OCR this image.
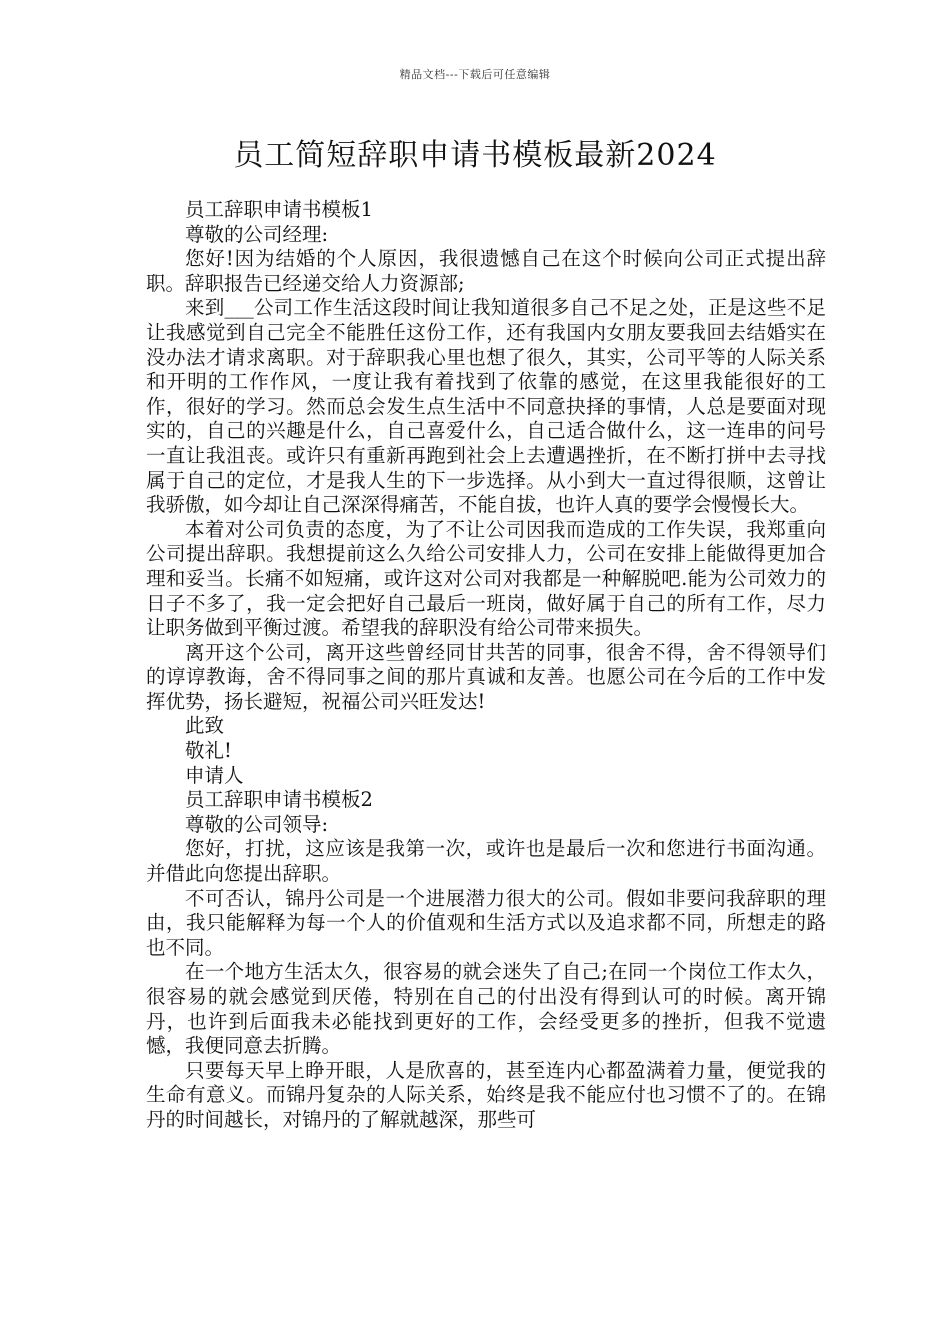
精品文档---下载后可任意编辑
员工简短辞职申请书模板最新2024

员工辞职申请书模板1

尊敬的公司经理:

您好!因为结婚的个人原因，我很遗憾自己在这个时候向公司正式提出辞职。辞职报告已经递交给人力资源部;

来到___公司工作生活这段时间让我知道很多自己不足之处，正是这些不足让我感觉到自己完全不能胜任这份工作，还有我国内女朋友要我回去结婚实在没办法才请求离职。对于辞职我心里也想了很久，其实，公司平等的人际关系和开明的工作作风，一度让我有着找到了依靠的感觉，在这里我能很好的工作，很好的学习。然而总会发生点生活中不同意抉择的事情，人总是要面对现实的，自己的兴趣是什么，自己喜爱什么，自己适合做什么，这一连串的问号一直让我沮丧。或许只有重新再跑到社会上去遭遇挫折，在不断打拼中去寻找属于自己的定位，才是我人生的下一步选择。从小到大一直过得很顺，这曾让我骄傲，如今却让自己深深得痛苦，不能自拔，也许人真的要学会慢慢长大。

本着对公司负责的态度，为了不让公司因我而造成的工作失误，我郑重向公司提出辞职。我想提前这么久给公司安排人力，公司在安排上能做得更加合理和妥当。长痛不如短痛，或许这对公司对我都是一种解脱吧.能为公司效力的日子不多了，我一定会把好自己最后一班岗，做好属于自己的所有工作，尽力让职务做到平衡过渡。希望我的辞职没有给公司带来损失。

离开这个公司，离开这些曾经同甘共苦的同事，很舍不得，舍不得领导们的谆谆教诲，舍不得同事之间的那片真诚和友善。也愿公司在今后的工作中发挥优势，扬长避短，祝福公司兴旺发达!

此致

敬礼!

申请人

员工辞职申请书模板2

尊敬的公司领导:

您好，打扰，这应该是我第一次，或许也是最后一次和您进行书面沟通。并借此向您提出辞职。

不可否认，锦丹公司是一个进展潜力很大的公司。假如非要问我辞职的理由，我只能解释为每一个人的价值观和生活方式以及追求都不同，所想走的路也不同。

在一个地方生活太久，很容易的就会迷失了自己;在同一个岗位工作太久，很容易的就会感觉到厌倦，特别在自己的付出没有得到认可的时候。离开锦丹，也许到后面我未必能找到更好的工作，会经受更多的挫折，但我不觉遗憾，我便同意去折腾。

只要每天早上睁开眼，人是欣喜的，甚至连内心都盈满着力量，便觉我的生命有意义。而锦丹复杂的人际关系，始终是我不能应付也习惯不了的。在锦丹的时间越长，对锦丹的了解就越深，那些可
